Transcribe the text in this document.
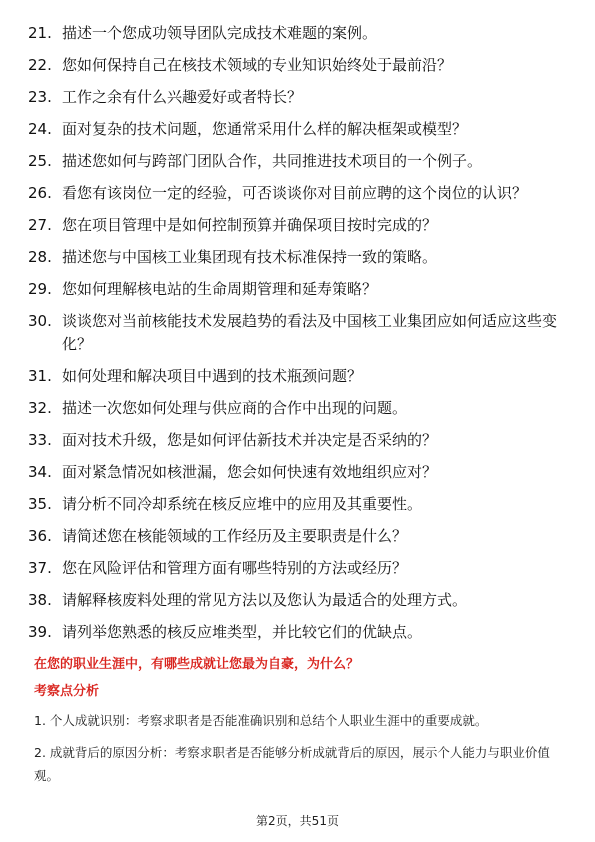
21. 描述一个您成功领导团队完成技术难题的案例。
22. 您如何保持自己在核技术领域的专业知识始终处于最前沿？
23. 工作之余有什么兴趣爱好或者特长？
24. 面对复杂的技术问题，您通常采用什么样的解决框架或模型？
25. 描述您如何与跨部门团队合作，共同推进技术项目的一个例子。
26. 看您有该岗位一定的经验，可否谈谈你对目前应聘的这个岗位的认识？
27. 您在项目管理中是如何控制预算并确保项目按时完成的？
28. 描述您与中国核工业集团现有技术标准保持一致的策略。
29. 您如何理解核电站的生命周期管理和延寿策略？
30. 谈谈您对当前核能技术发展趋势的看法及中国核工业集团应如何适应这些变化？
31. 如何处理和解决项目中遇到的技术瓶颈问题？
32. 描述一次您如何处理与供应商的合作中出现的问题。
33. 面对技术升级，您是如何评估新技术并决定是否采纳的？
34. 面对紧急情况如核泄漏，您会如何快速有效地组织应对？
35. 请分析不同冷却系统在核反应堆中的应用及其重要性。
36. 请简述您在核能领域的工作经历及主要职责是什么？
37. 您在风险评估和管理方面有哪些特别的方法或经历？
38. 请解释核废料处理的常见方法以及您认为最适合的处理方式。
39. 请列举您熟悉的核反应堆类型，并比较它们的优缺点。
在您的职业生涯中，有哪些成就让您最为自豪，为什么？
考察点分析
1. 个人成就识别：考察求职者是否能准确识别和总结个人职业生涯中的重要成就。
2. 成就背后的原因分析：考察求职者是否能够分析成就背后的原因，展示个人能力与职业价值观。
第2页，共51页
